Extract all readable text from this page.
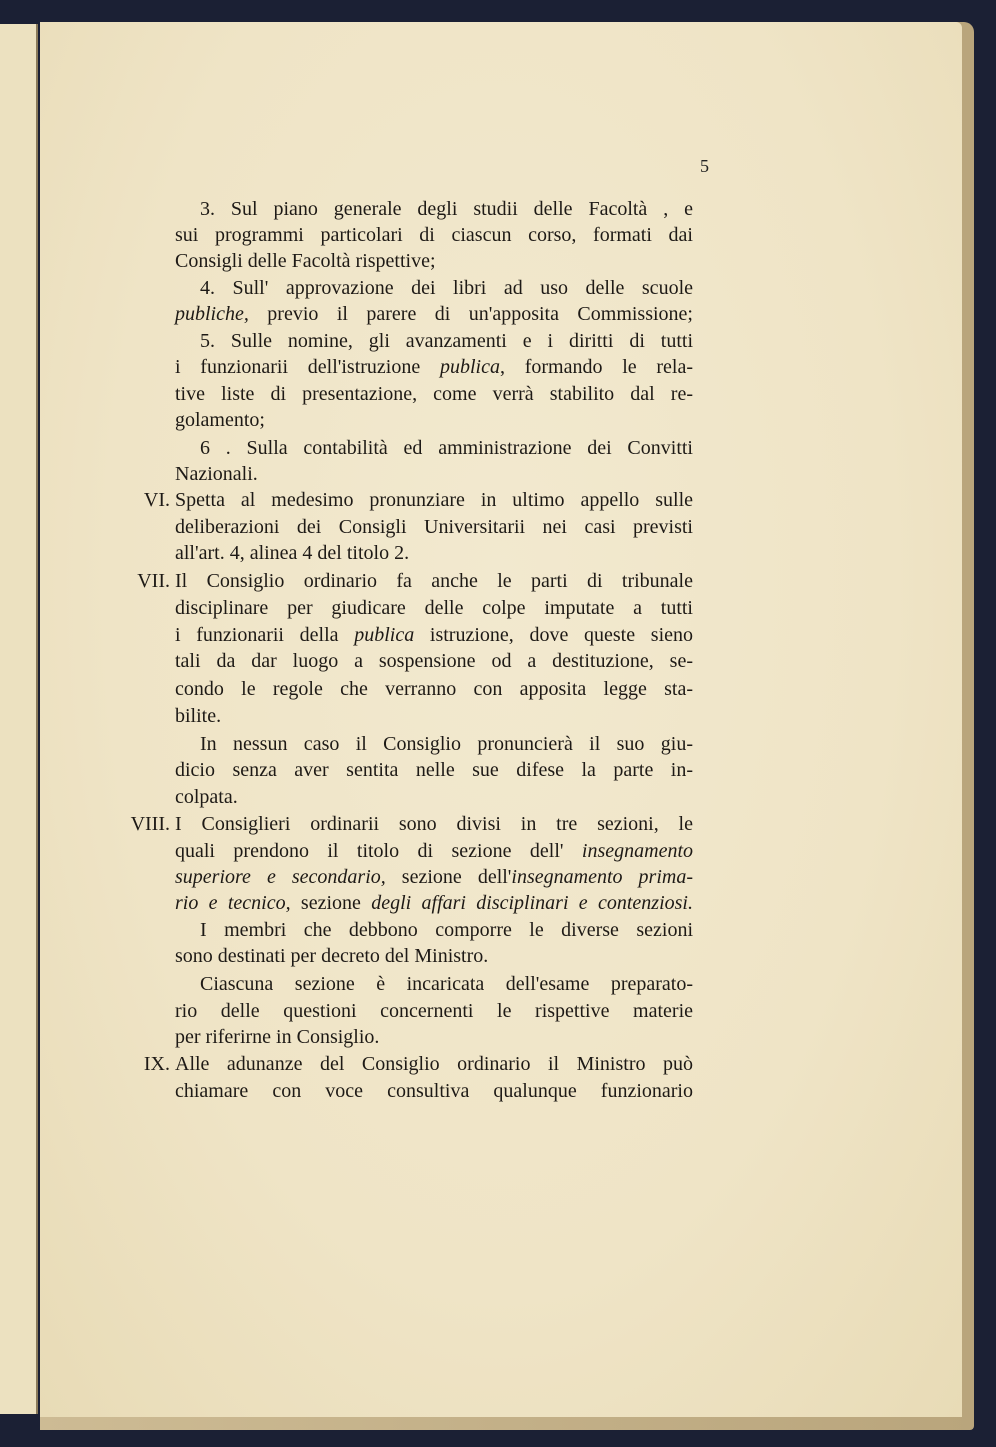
5
3. Sul piano generale degli studii delle Facoltà , e
sui programmi particolari di ciascun corso, formati dai
Consigli delle Facoltà rispettive;
4. Sull' approvazione dei libri ad uso delle scuole
publiche, previo il parere di un'apposita Commissione;
5. Sulle nomine, gli avanzamenti e i diritti di tutti
i funzionarii dell'istruzione publica, formando le rela-
tive liste di presentazione, come verrà stabilito dal re-
golamento;
6 . Sulla contabilità ed amministrazione dei Convitti
Nazionali.
VI. Spetta al medesimo pronunziare in ultimo appello sulle
deliberazioni dei Consigli Universitarii nei casi previsti
all'art. 4, alinea 4 del titolo 2.
VII. Il Consiglio ordinario fa anche le parti di tribunale
disciplinare per giudicare delle colpe imputate a tutti
i funzionarii della publica istruzione, dove queste sieno
tali da dar luogo a sospensione od a destituzione, se-
condo le regole che verranno con apposita legge sta-
bilite.
In nessun caso il Consiglio pronuncierà il suo giu-
dicio senza aver sentita nelle sue difese la parte in-
colpata.
VIII. I Consiglieri ordinarii sono divisi in tre sezioni, le
quali prendono il titolo di sezione dell' insegnamento
superiore e secondario, sezione dell'insegnamento prima-
rio e tecnico, sezione degli affari disciplinari e contenziosi.
I membri che debbono comporre le diverse sezioni
sono destinati per decreto del Ministro.
Ciascuna sezione è incaricata dell'esame preparato-
rio delle questioni concernenti le rispettive materie
per riferirne in Consiglio.
IX. Alle adunanze del Consiglio ordinario il Ministro può
chiamare con voce consultiva qualunque funzionario
